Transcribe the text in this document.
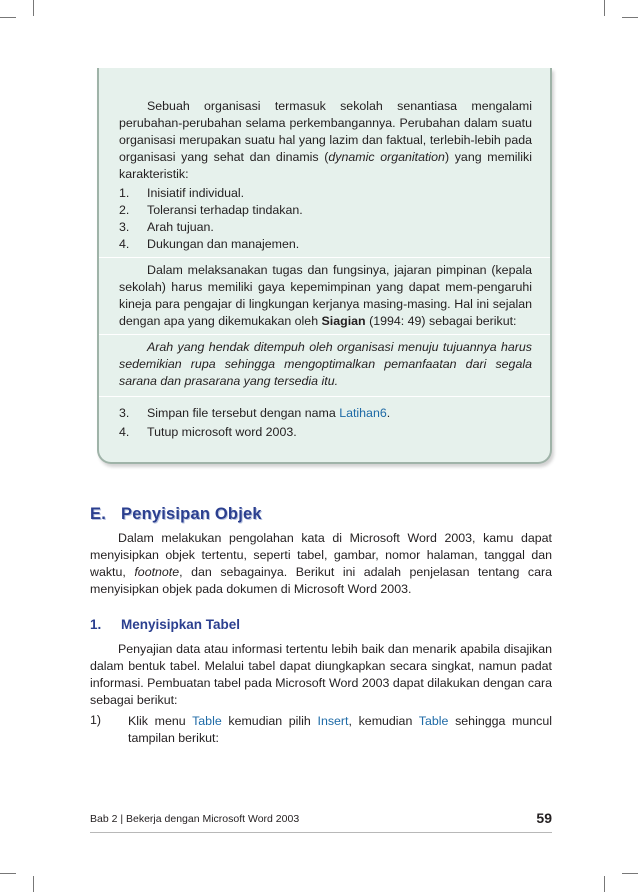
Sebuah organisasi termasuk sekolah senantiasa mengalami perubahan-perubahan selama perkembangannya. Perubahan dalam suatu organisasi merupakan suatu hal yang lazim dan faktual, terlebih-lebih pada organisasi yang sehat dan dinamis (dynamic organitation) yang memiliki karakteristik:

1.	Inisiatif individual.
2.	Toleransi terhadap tindakan.
3.	Arah tujuan.
4.	Dukungan dan manajemen.

Dalam melaksanakan tugas dan fungsinya, jajaran pimpinan (kepala sekolah) harus memiliki gaya kepemimpinan yang dapat mem-pengaruhi kineja para pengajar di lingkungan kerjanya masing-masing. Hal ini sejalan dengan apa yang dikemukakan oleh Siagian (1994: 49) sebagai berikut:

Arah yang hendak ditempuh oleh organisasi menuju tujuannya harus sedemikian rupa sehingga mengoptimalkan pemanfaatan dari segala sarana dan prasarana yang tersedia itu.

3.	Simpan file tersebut dengan nama Latihan6.
4.	Tutup microsoft word 2003.
E. Penyisipan Objek

Dalam melakukan pengolahan kata di Microsoft Word 2003, kamu dapat menyisipkan objek tertentu, seperti tabel, gambar, nomor halaman, tanggal dan waktu, footnote, dan sebagainya. Berikut ini adalah penjelasan tentang cara menyisipkan objek pada dokumen di Microsoft Word 2003.

1. Menyisipkan Tabel

Penyajian data atau informasi tertentu lebih baik dan menarik apabila disajikan dalam bentuk tabel. Melalui tabel dapat diungkapkan secara singkat, namun padat informasi. Pembuatan tabel pada Microsoft Word 2003 dapat dilakukan dengan cara sebagai berikut:

1)	Klik menu Table kemudian pilih Insert, kemudian Table sehingga muncul tampilan berikut:

Bab 2 | Bekerja dengan Microsoft Word 2003	59
